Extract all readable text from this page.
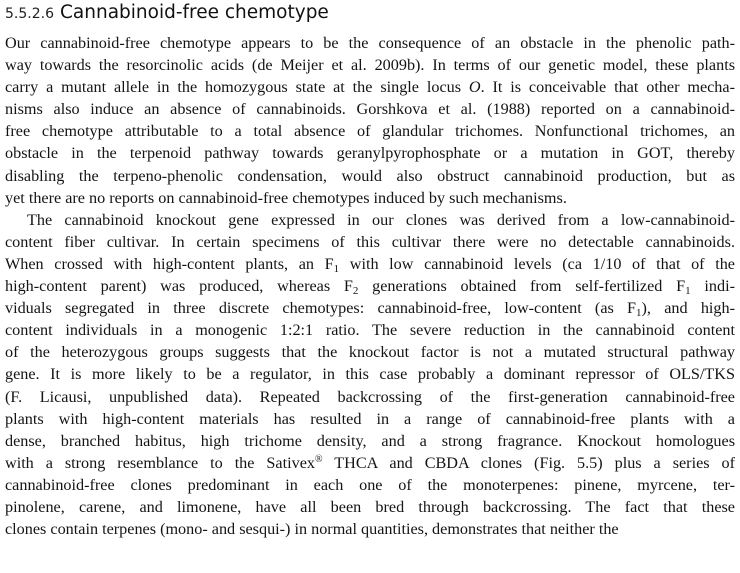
5.5.2.6 Cannabinoid-free chemotype
Our cannabinoid-free chemotype appears to be the consequence of an obstacle in the phenolic path-
way towards the resorcinolic acids (de Meijer et al. 2009b). In terms of our genetic model, these plants
carry a mutant allele in the homozygous state at the single locus O. It is conceivable that other mecha-
nisms also induce an absence of cannabinoids. Gorshkova et al. (1988) reported on a cannabinoid-
free chemotype attributable to a total absence of glandular trichomes. Nonfunctional trichomes, an
obstacle in the terpenoid pathway towards geranylpyrophosphate or a mutation in GOT, thereby
disabling the terpeno-phenolic condensation, would also obstruct cannabinoid production, but as
yet there are no reports on cannabinoid-free chemotypes induced by such mechanisms.
The cannabinoid knockout gene expressed in our clones was derived from a low-cannabinoid-
content fiber cultivar. In certain specimens of this cultivar there were no detectable cannabinoids.
When crossed with high-content plants, an $F_1$ with low cannabinoid levels (ca 1/10 of that of the
high-content parent) was produced, whereas $F_2$ generations obtained from self-fertilized $F_1$ indi-
viduals segregated in three discrete chemotypes: cannabinoid-free, low-content (as $F_1$), and high-
content individuals in a monogenic 1:2:1 ratio. The severe reduction in the cannabinoid content
of the heterozygous groups suggests that the knockout factor is not a mutated structural pathway
gene. It is more likely to be a regulator, in this case probably a dominant repressor of OLS/TKS
(F. Licausi, unpublished data). Repeated backcrossing of the first-generation cannabinoid-free
plants with high-content materials has resulted in a range of cannabinoid-free plants with a
dense, branched habitus, high trichome density, and a strong fragrance. Knockout homologues
with a strong resemblance to the Sativex® THCA and CBDA clones (Fig. 5.5) plus a series of
cannabinoid-free clones predominant in each one of the monoterpenes: pinene, myrcene, ter-
pinolene, carene, and limonene, have all been bred through backcrossing. The fact that these
clones contain terpenes (mono- and sesqui-) in normal quantities, demonstrates that neither the
